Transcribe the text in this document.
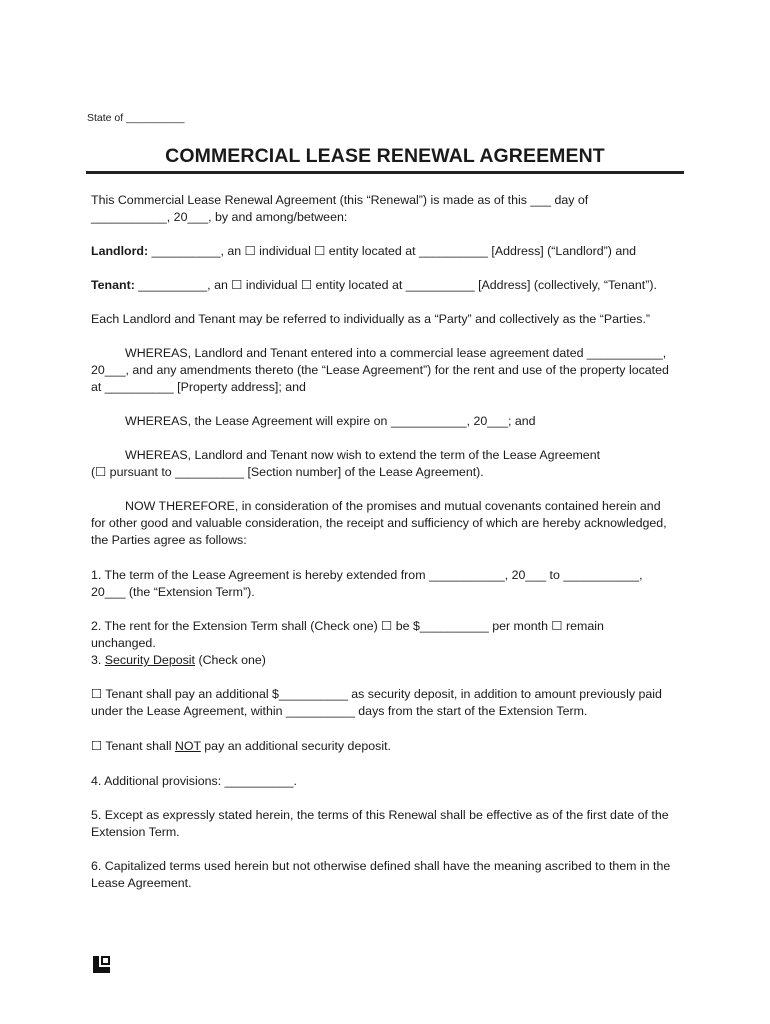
State of __________
COMMERCIAL LEASE RENEWAL AGREEMENT
This Commercial Lease Renewal Agreement (this “Renewal”) is made as of this ___ day of
___________, 20___, by and among/between:
Landlord: __________, an ☐ individual ☐ entity located at __________ [Address] (“Landlord”) and
Tenant: __________, an ☐ individual ☐ entity located at __________ [Address] (collectively, “Tenant”).
Each Landlord and Tenant may be referred to individually as a “Party” and collectively as the “Parties.”
WHEREAS, Landlord and Tenant entered into a commercial lease agreement dated ___________,
20___, and any amendments thereto (the “Lease Agreement”) for the rent and use of the property located
at __________ [Property address]; and
WHEREAS, the Lease Agreement will expire on ___________, 20___; and
WHEREAS, Landlord and Tenant now wish to extend the term of the Lease Agreement
(☐ pursuant to __________ [Section number] of the Lease Agreement).
NOW THEREFORE, in consideration of the promises and mutual covenants contained herein and
for other good and valuable consideration, the receipt and sufficiency of which are hereby acknowledged,
the Parties agree as follows:
1. The term of the Lease Agreement is hereby extended from ___________, 20___ to ___________,
20___ (the “Extension Term”).
2. The rent for the Extension Term shall (Check one) ☐ be $__________ per month ☐ remain
unchanged.
3. Security Deposit (Check one)
☐ Tenant shall pay an additional $__________ as security deposit, in addition to amount previously paid
under the Lease Agreement, within __________ days from the start of the Extension Term.
☐ Tenant shall NOT pay an additional security deposit.
4. Additional provisions: __________.
5. Except as expressly stated herein, the terms of this Renewal shall be effective as of the first date of the
Extension Term.
6. Capitalized terms used herein but not otherwise defined shall have the meaning ascribed to them in the
Lease Agreement.
